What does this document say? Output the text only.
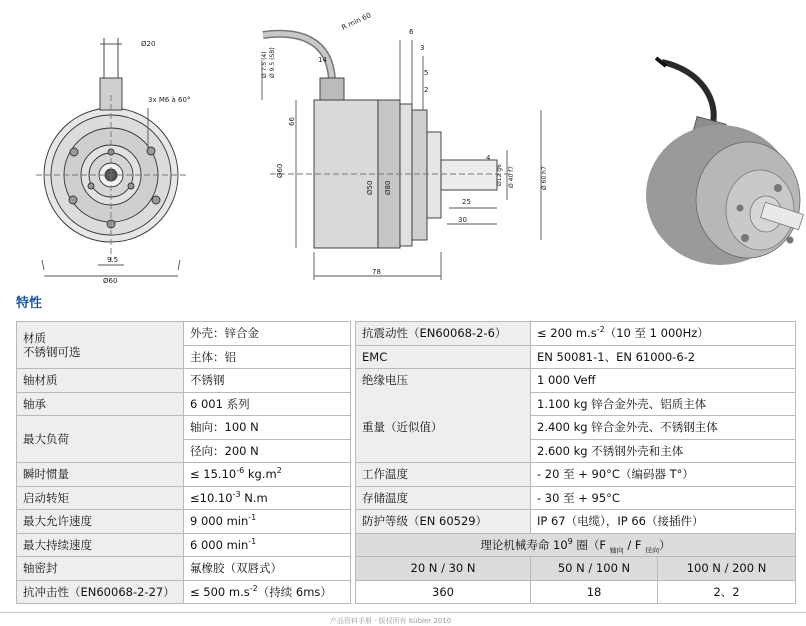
Ø20
3x M6 à 60°
9.5
Ø60
R min 60
Ø 7.5 (4) Ø 9.5 (SB)	14
66
Ø60
Ø50 Ø80
78
30
25
4
Ø12 g6 Ø 40 f7	Ø 60 h7
6
3
5
2
特性
材质
不锈钢可选	外壳：锌合金
	主体：铝
轴材质	不锈钢
轴承	6 001 系列
最大负荷	轴向：100 N
	径向：200 N
瞬时惯量	≤ $15.10^{-6}$ $kg.m^2$
启动转矩	$\le 10.10^{-3}$ N.m
最大允许速度	9 000 $\min^{-1}$
最大持续速度	6 000 $\min^{-1}$
轴密封	氟橡胶（双唇式）
抗冲击性（EN60068-2-27）	≤ 500 $m.s^{-2}$（持续 6ms）
抗震动性（EN60068-2-6）	≤ 200 $m.s^{-2}(10$ 至 1 000Hz）	
EMC	EN 50081-1、EN 61000-6-2	
绝缘电压	1 000 Veff	
重量（近似值）	1.100 kg 锌合金外壳、铝质主体	
	2.400 kg 锌合金外壳、不锈钢主体	
	2.600 kg 不锈钢外壳和主体	
工作温度	- 20 至 + 90°C（编码器 T°）	
存储温度	- 30 至 + 95°C	
防护等级（EN 60529）	IP 67（电缆），IP 66（接插件）	
理论机械寿命 $10^9$ 圈（F $_{轴向}$ / F $_{径向}$）		
20 N / 30 N	50 N / 100 N	100 N / 200 N
360	18	2、2
产品资料手册 · 版权所有 Kübler 2010
